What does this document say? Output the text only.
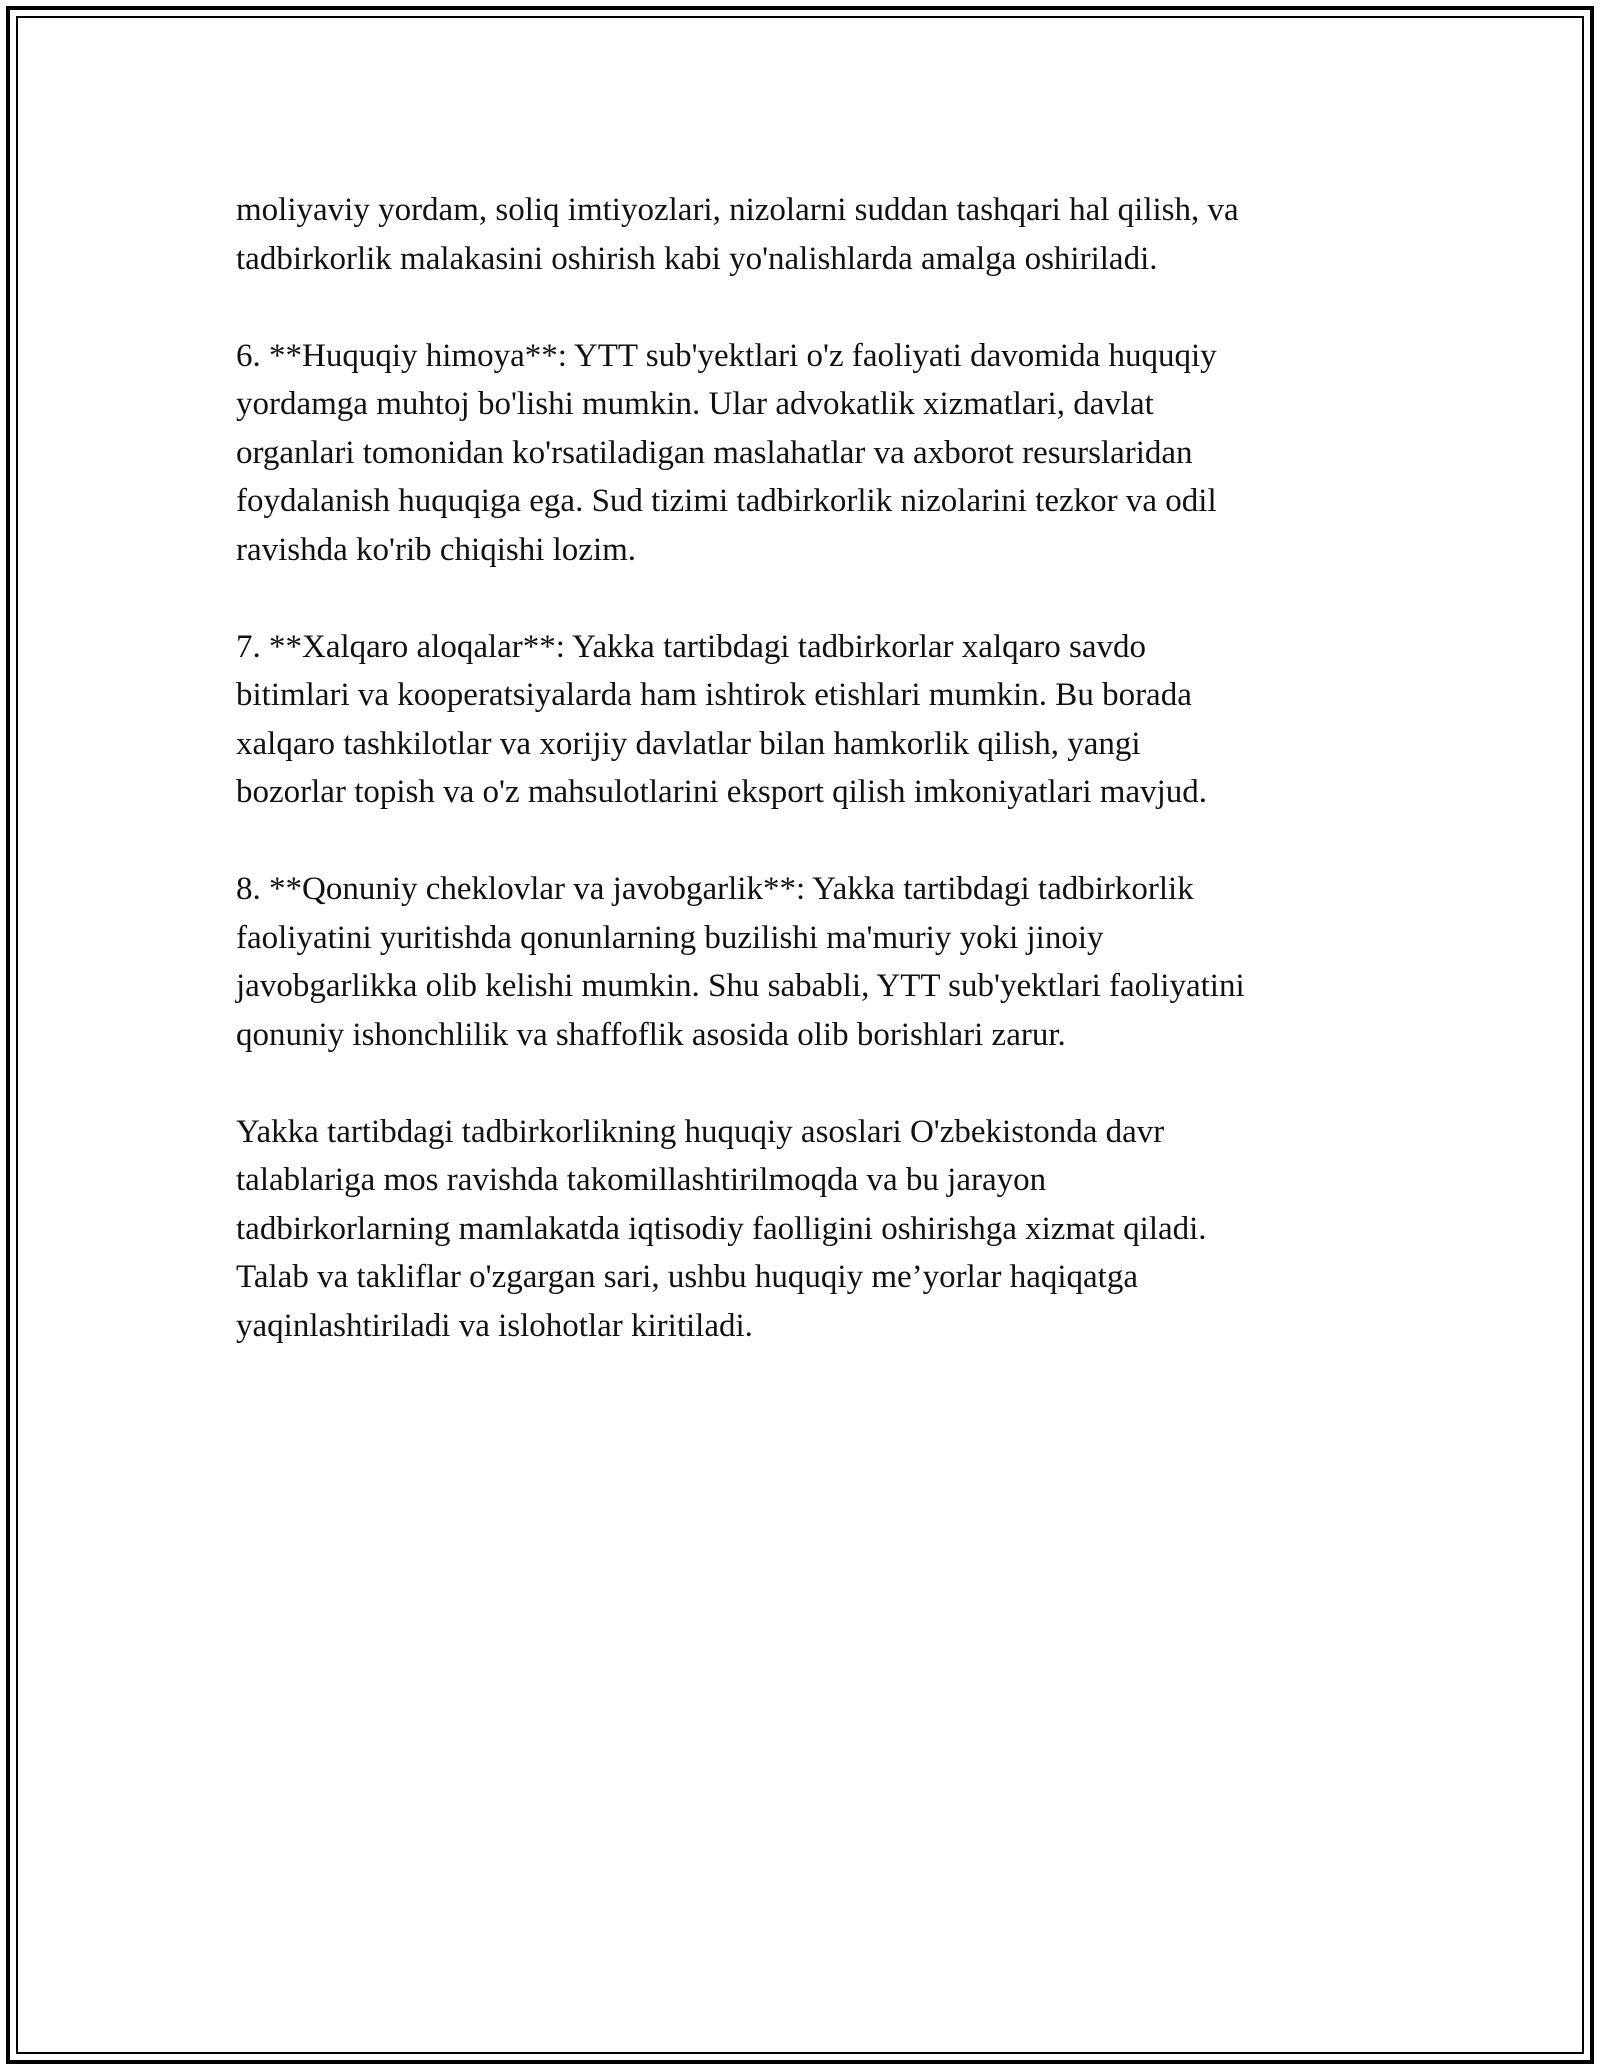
moliyaviy yordam, soliq imtiyozlari, nizolarni suddan tashqari hal qilish, va
tadbirkorlik malakasini oshirish kabi yo'nalishlarda amalga oshiriladi.

6. **Huquqiy himoya**: YTT sub'yektlari o'z faoliyati davomida huquqiy
yordamga muhtoj bo'lishi mumkin. Ular advokatlik xizmatlari, davlat
organlari tomonidan ko'rsatiladigan maslahatlar va axborot resurslaridan
foydalanish huquqiga ega. Sud tizimi tadbirkorlik nizolarini tezkor va odil
ravishda ko'rib chiqishi lozim.

7. **Xalqaro aloqalar**: Yakka tartibdagi tadbirkorlar xalqaro savdo
bitimlari va kooperatsiyalarda ham ishtirok etishlari mumkin. Bu borada
xalqaro tashkilotlar va xorijiy davlatlar bilan hamkorlik qilish, yangi
bozorlar topish va o'z mahsulotlarini eksport qilish imkoniyatlari mavjud.

8. **Qonuniy cheklovlar va javobgarlik**: Yakka tartibdagi tadbirkorlik
faoliyatini yuritishda qonunlarning buzilishi ma'muriy yoki jinoiy
javobgarlikka olib kelishi mumkin. Shu sababli, YTT sub'yektlari faoliyatini
qonuniy ishonchlilik va shaffoflik asosida olib borishlari zarur.

Yakka tartibdagi tadbirkorlikning huquqiy asoslari O'zbekistonda davr
talablariga mos ravishda takomillashtirilmoqda va bu jarayon
tadbirkorlarning mamlakatda iqtisodiy faolligini oshirishga xizmat qiladi.
Talab va takliflar o'zgargan sari, ushbu huquqiy me’yorlar haqiqatga
yaqinlashtiriladi va islohotlar kiritiladi.
